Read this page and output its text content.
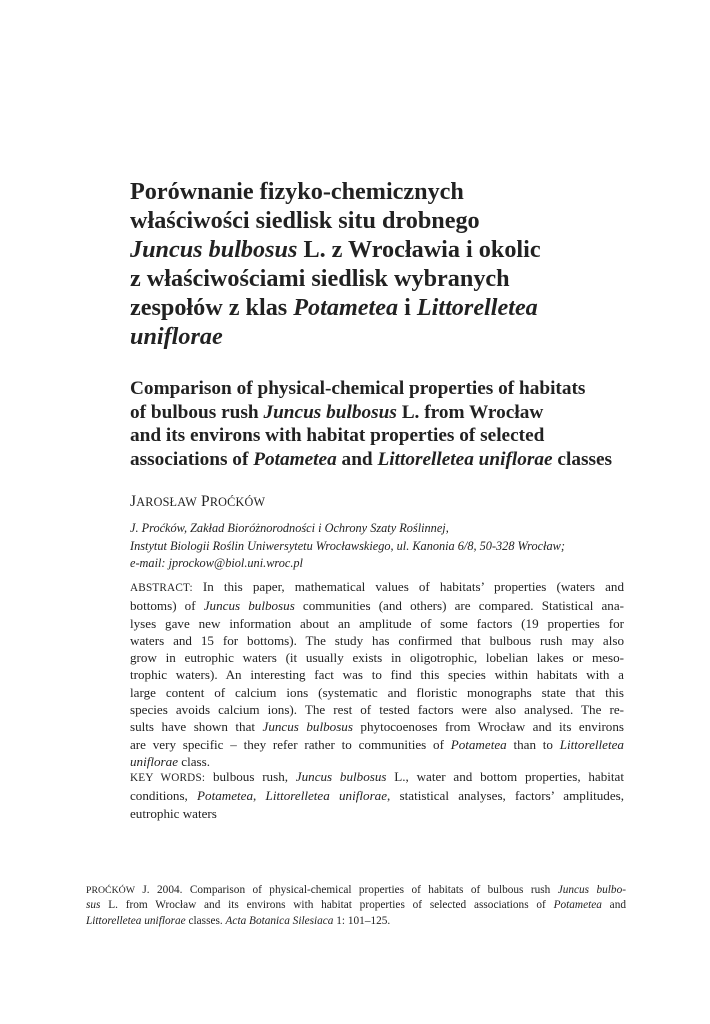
Porównanie fizyko-chemicznych
właściwości siedlisk situ drobnego
Juncus bulbosus L. z Wrocławia i okolic
z właściwościami siedlisk wybranych
zespołów z klas Potametea i Littorelletea
uniflorae
Comparison of physical-chemical properties of habitats
of bulbous rush Juncus bulbosus L. from Wrocław
and its environs with habitat properties of selected
associations of Potametea and Littorelletea uniflorae classes
JAROSŁAW PROĆKÓW
J. Proćków, Zakład Bioróżnorodności i Ochrony Szaty Roślinnej,
Instytut Biologii Roślin Uniwersytetu Wrocławskiego, ul. Kanonia 6/8, 50-328 Wrocław;
e-mail: jprockow@biol.uni.wroc.pl
ABSTRACT: In this paper, mathematical values of habitats’ properties (waters and
bottoms) of Juncus bulbosus communities (and others) are compared. Statistical ana-
lyses gave new information about an amplitude of some factors (19 properties for
waters and 15 for bottoms). The study has confirmed that bulbous rush may also
grow in eutrophic waters (it usually exists in oligotrophic, lobelian lakes or meso-
trophic waters). An interesting fact was to find this species within habitats with a
large content of calcium ions (systematic and floristic monographs state that this
species avoids calcium ions). The rest of tested factors were also analysed. The re-
sults have shown that Juncus bulbosus phytocoenoses from Wrocław and its environs
are very specific – they refer rather to communities of Potametea than to Littorelletea
uniflorae class.
KEY WORDS: bulbous rush, Juncus bulbosus L., water and bottom properties, habitat
conditions, Potametea, Littorelletea uniflorae, statistical analyses, factors’ amplitudes,
eutrophic waters
PROĆKÓW J. 2004. Comparison of physical-chemical properties of habitats of bulbous rush Juncus bulbo-
sus L. from Wrocław and its environs with habitat properties of selected associations of Potametea and
Littorelletea uniflorae classes. Acta Botanica Silesiaca 1: 101–125.
